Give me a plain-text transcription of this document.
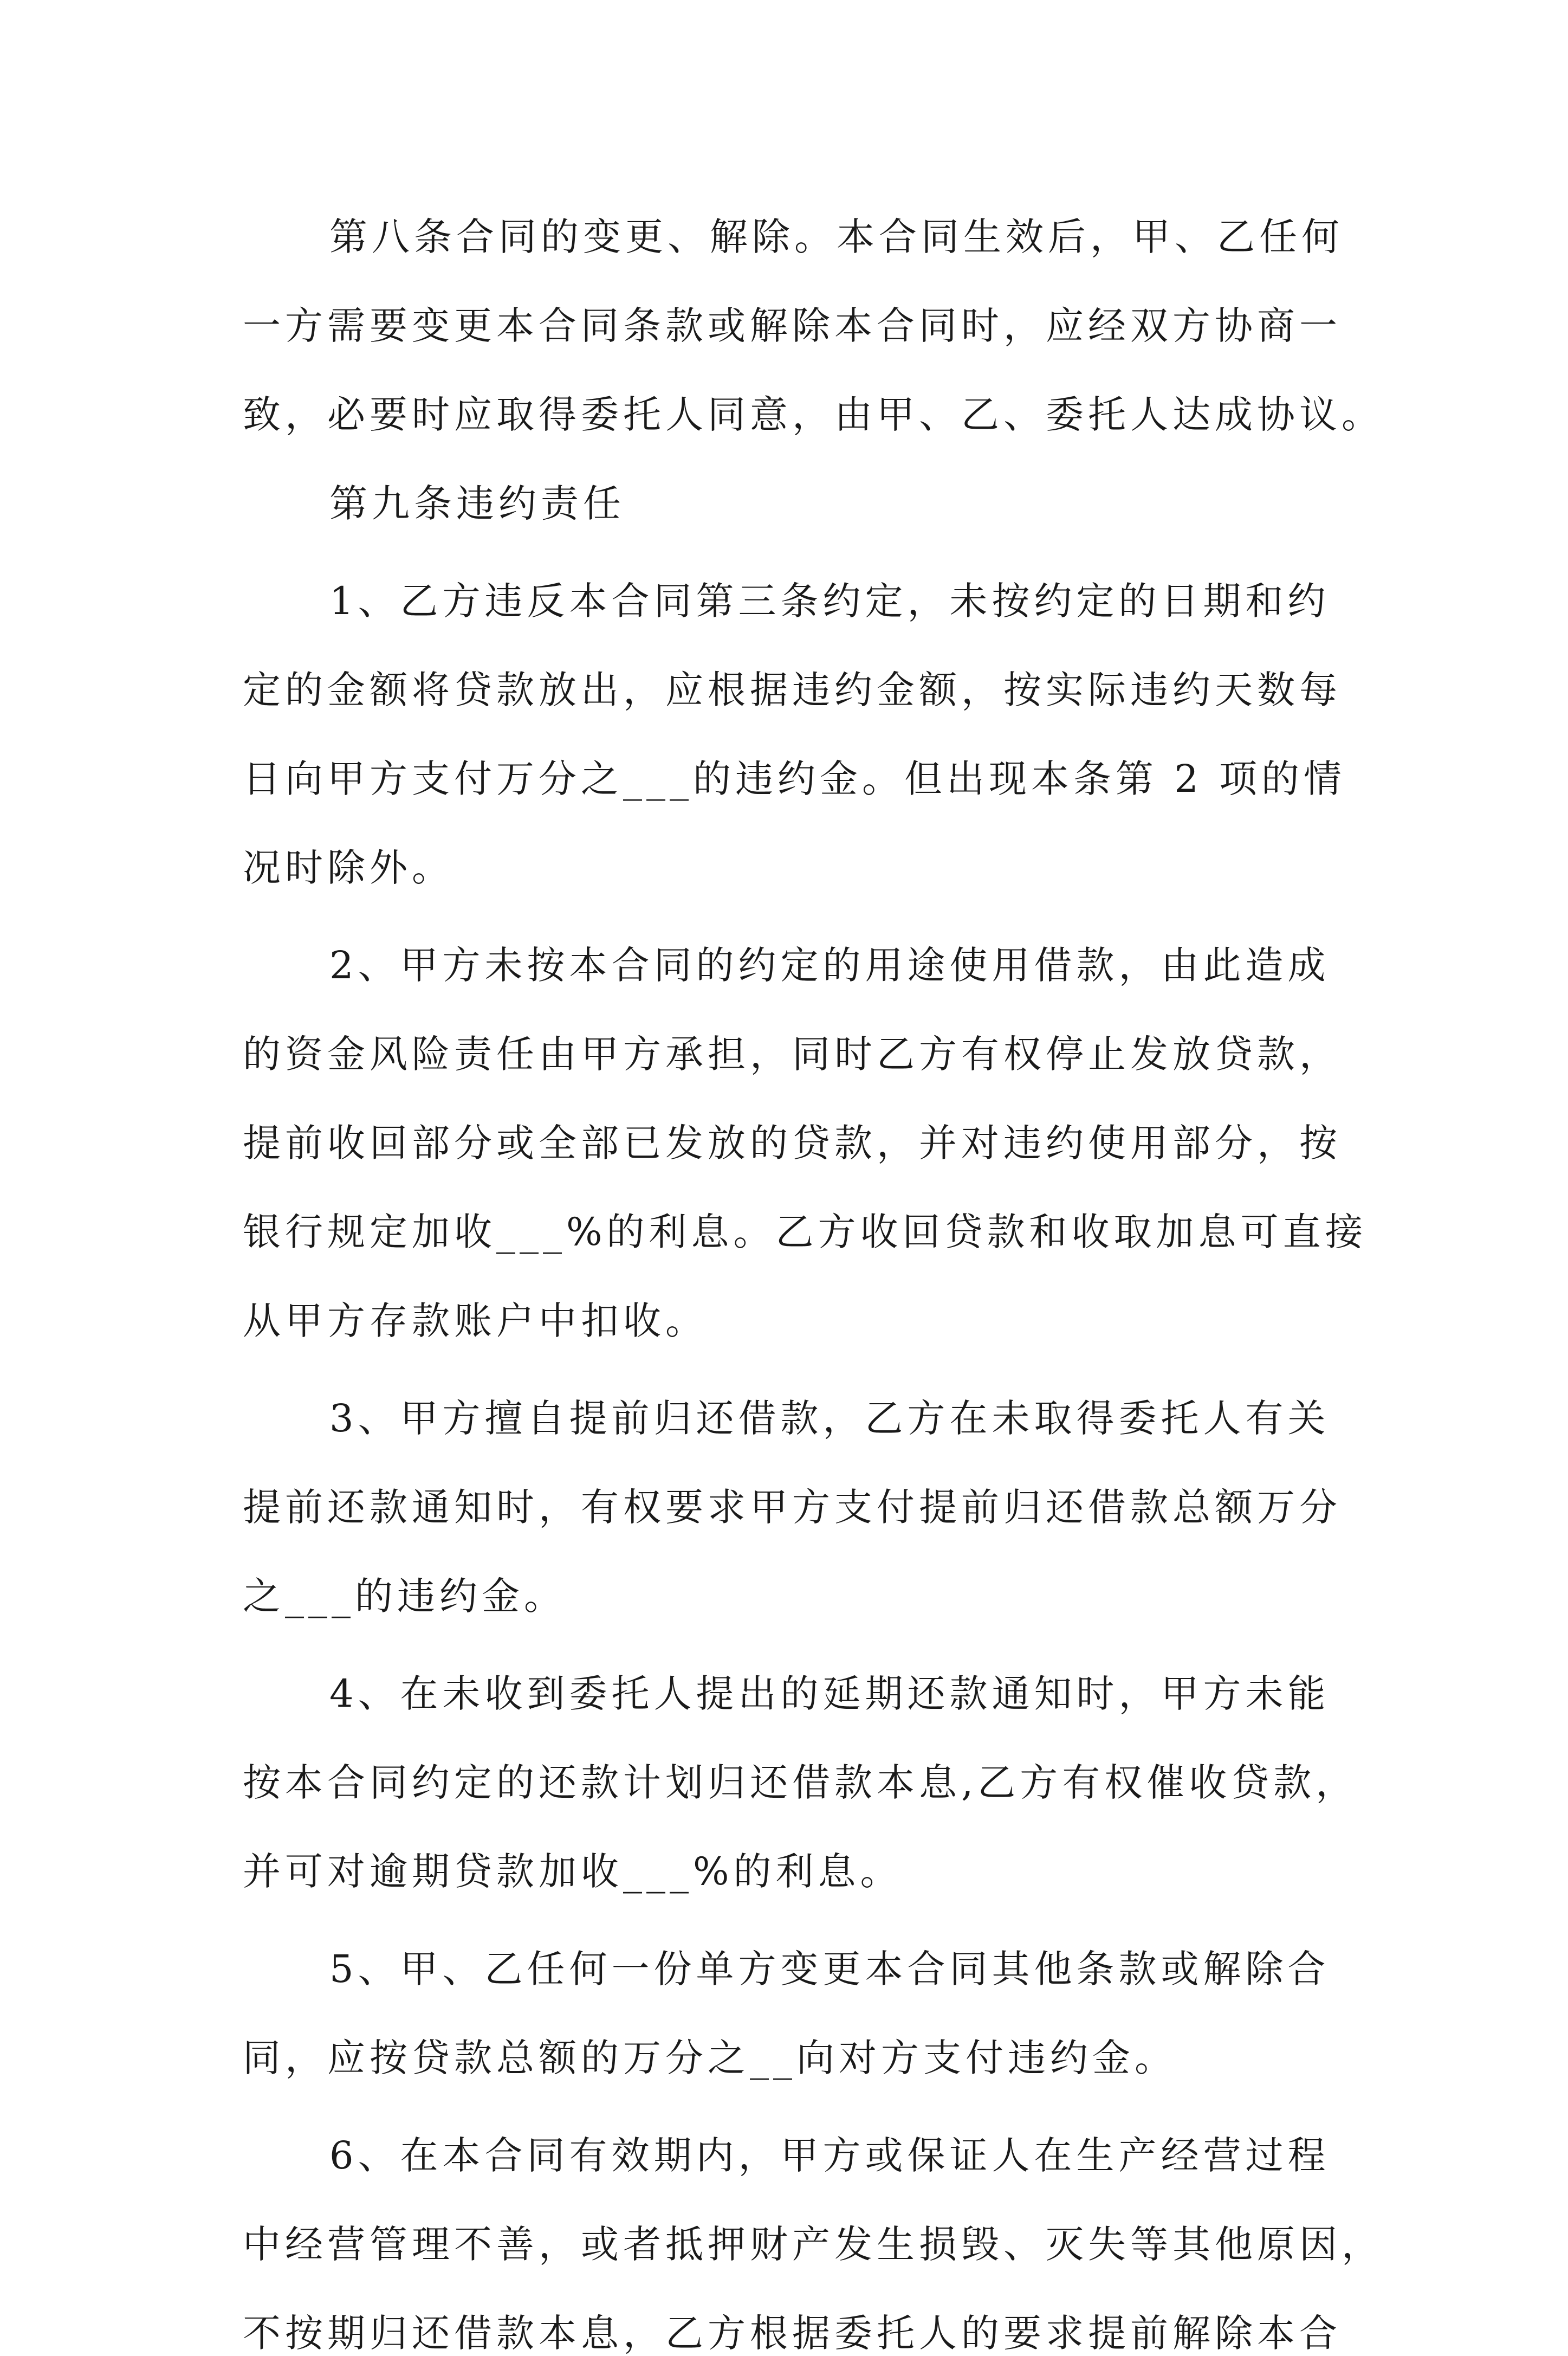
第八条合同的变更、解除。本合同生效后，甲、乙任何
一方需要变更本合同条款或解除本合同时，应经双方协商一
致，必要时应取得委托人同意，由甲、乙、委托人达成协议。
第九条违约责任
1、乙方违反本合同第三条约定，未按约定的日期和约
定的金额将贷款放出，应根据违约金额，按实际违约天数每
日向甲方支付万分之___的违约金。但出现本条第 2 项的情
况时除外。
2、甲方未按本合同的约定的用途使用借款，由此造成
的资金风险责任由甲方承担，同时乙方有权停止发放贷款，
提前收回部分或全部已发放的贷款，并对违约使用部分，按
银行规定加收___%的利息。乙方收回贷款和收取加息可直接
从甲方存款账户中扣收。
3、甲方擅自提前归还借款，乙方在未取得委托人有关
提前还款通知时，有权要求甲方支付提前归还借款总额万分
之___的违约金。
4、在未收到委托人提出的延期还款通知时，甲方未能
按本合同约定的还款计划归还借款本息,乙方有权催收贷款，
并可对逾期贷款加收___%的利息。
5、甲、乙任何一份单方变更本合同其他条款或解除合
同，应按贷款总额的万分之__向对方支付违约金。
6、在本合同有效期内，甲方或保证人在生产经营过程
中经营管理不善，或者抵押财产发生损毁、灭失等其他原因，
不按期归还借款本息，乙方根据委托人的要求提前解除本合
